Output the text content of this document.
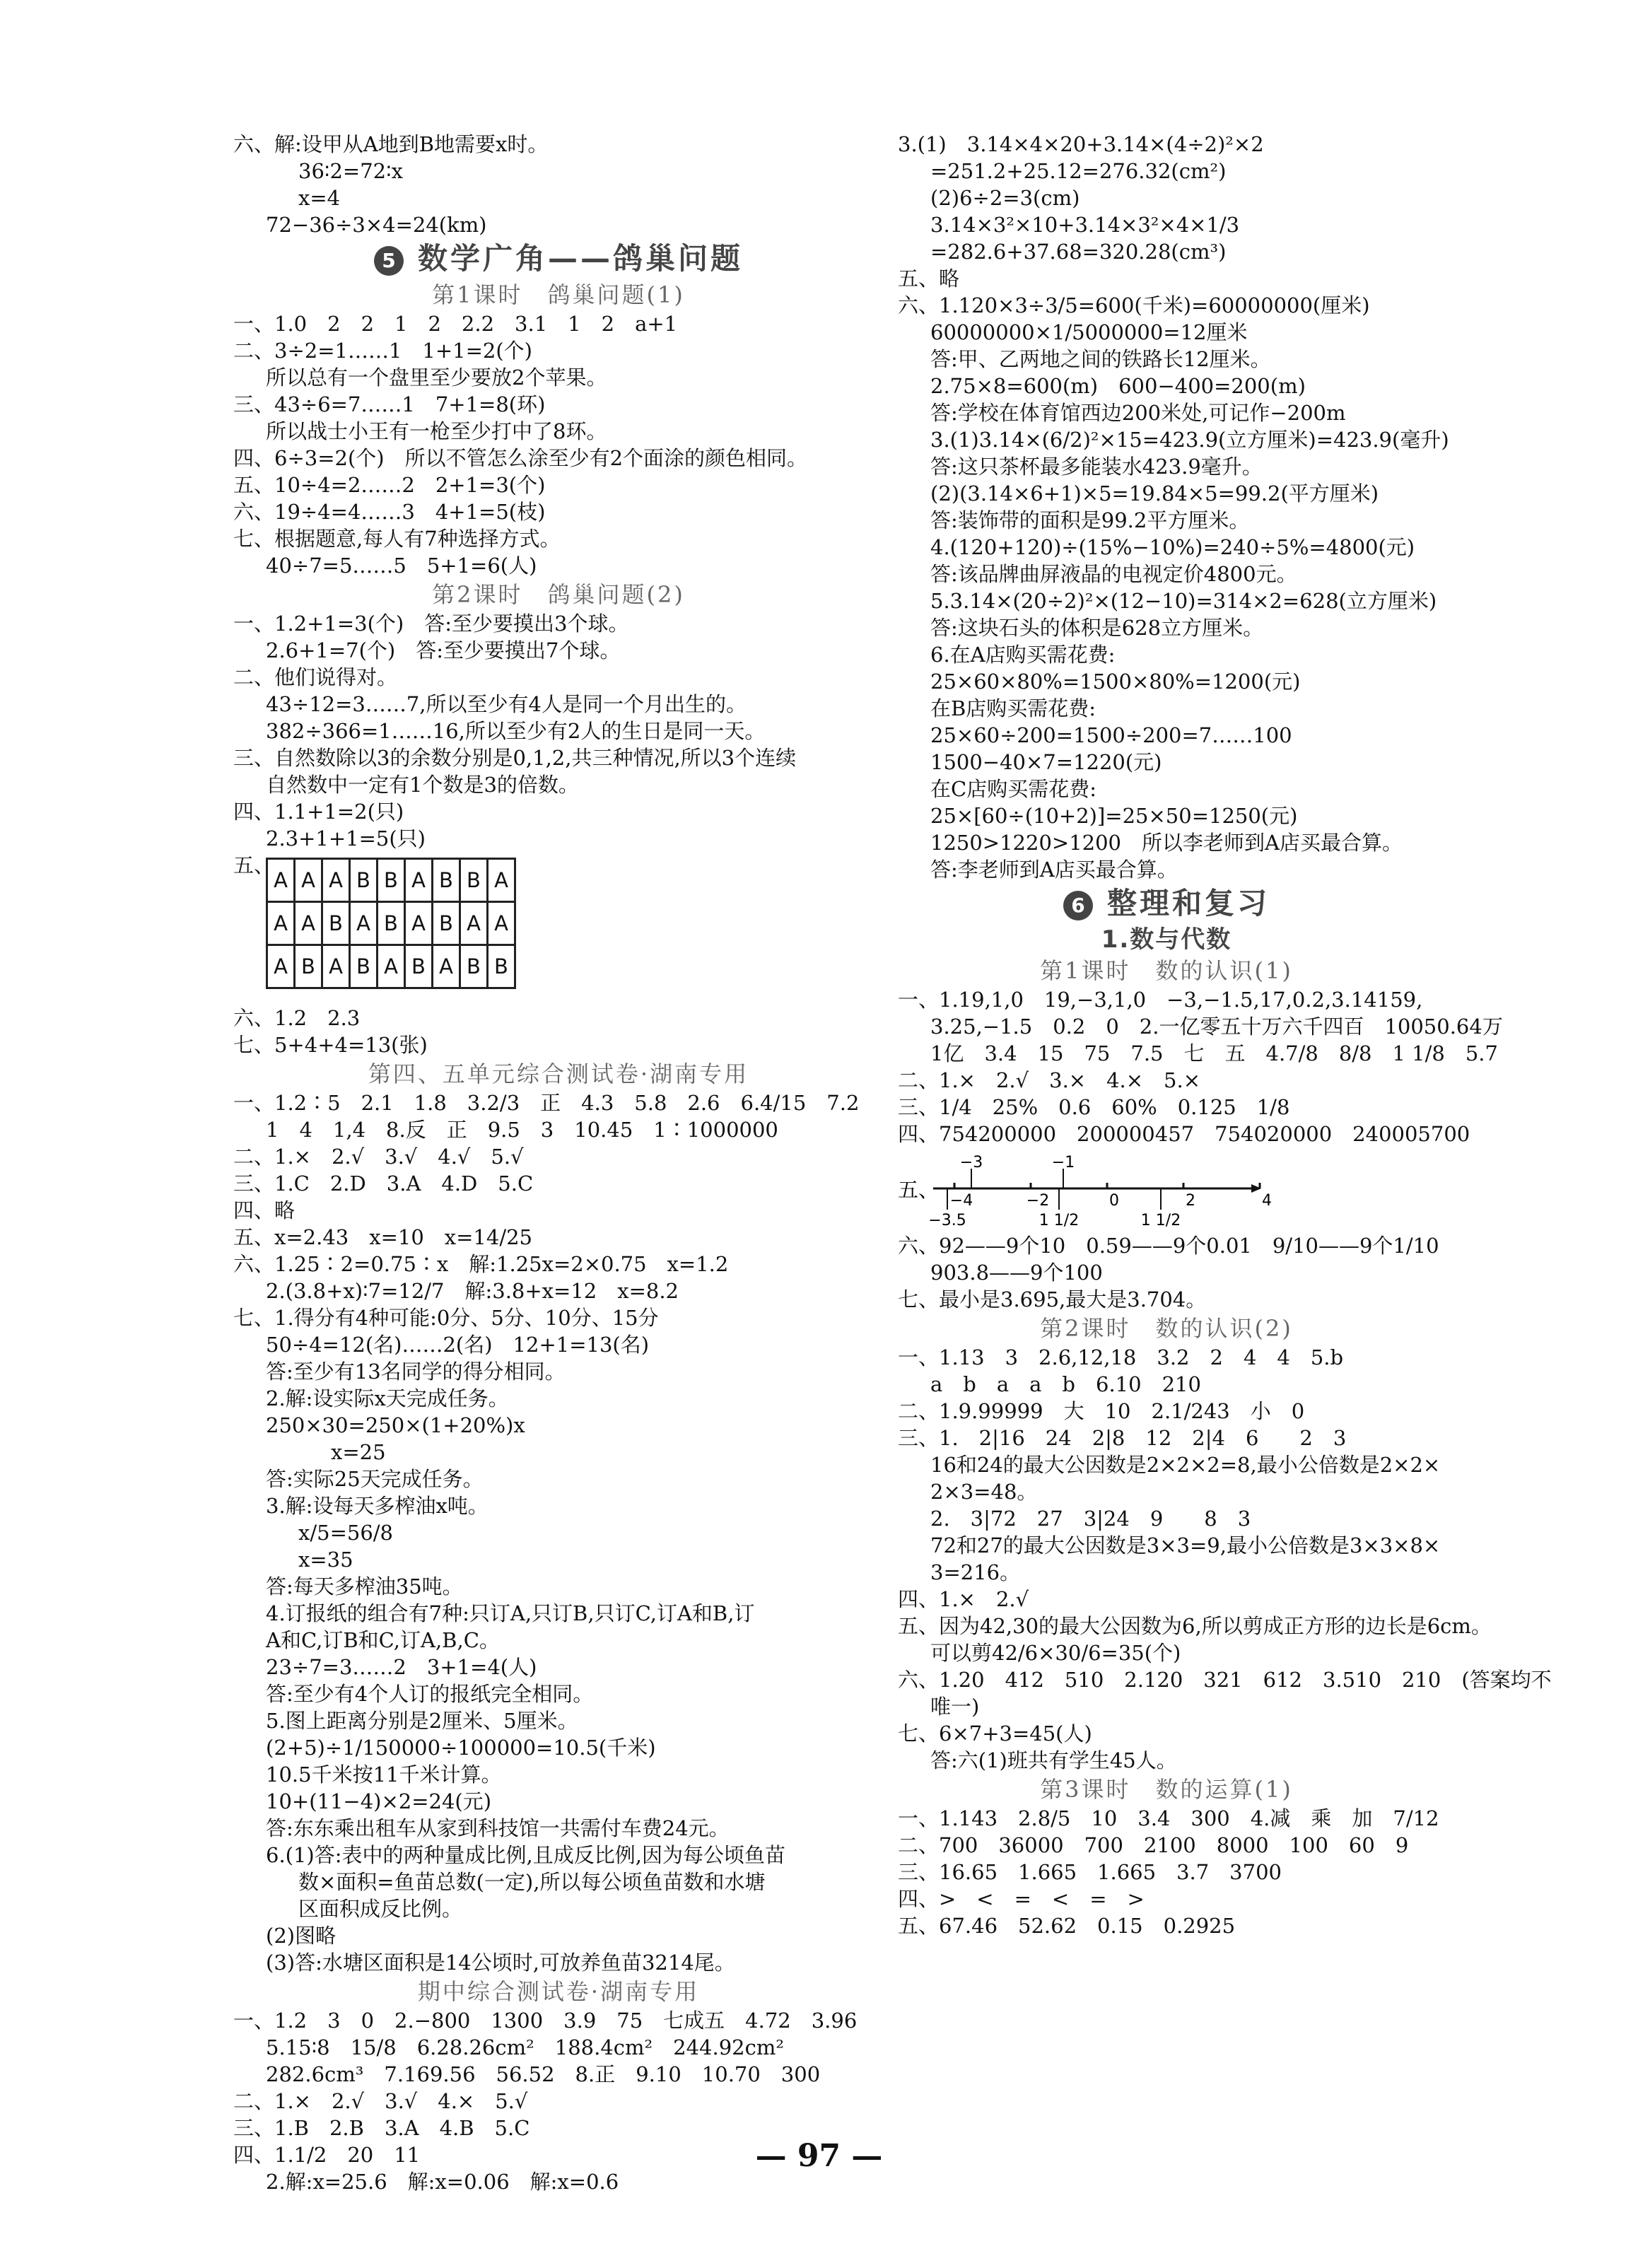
六、解:设甲从A地到B地需要x时。
36∶2=72∶x
x=4
72−36÷3×4=24(km)
5 数学广角——鸽巢问题
第1课时　鸽巢问题(1)
一、1.0　2　2　1　2　2.2　3.1　1　2　a+1
二、3÷2=1……1　1+1=2(个)
所以总有一个盘里至少要放2个苹果。
三、43÷6=7……1　7+1=8(环)
所以战士小王有一枪至少打中了8环。
四、6÷3=2(个)　所以不管怎么涂至少有2个面涂的颜色相同。
五、10÷4=2……2　2+1=3(个)
六、19÷4=4……3　4+1=5(枝)
七、根据题意,每人有7种选择方式。
40÷7=5……5　5+1=6(人)
第2课时　鸽巢问题(2)
一、1.2+1=3(个)　答:至少要摸出3个球。
2.6+1=7(个)　答:至少要摸出7个球。
二、他们说得对。
43÷12=3……7,所以至少有4人是同一个月出生的。
382÷366=1……16,所以至少有2人的生日是同一天。
三、自然数除以3的余数分别是0,1,2,共三种情况,所以3个连续
自然数中一定有1个数是3的倍数。
四、1.1+1=2(只)
2.3+1+1=5(只)
五、
A	A	A	B	B	A	B	B	A
A	A	B	A	B	A	B	A	A
A	B	A	B	A	B	A	B	B
六、1.2　2.3
七、5+4+4=13(张)
第四、五单元综合测试卷·湖南专用
一、1.2∶5　2.1　1.8　3.2/3　正　4.3　5.8　2.6　6.4/15　7.2
1　4　1,4　8.反　正　9.5　3　10.45　1∶1000000
二、1.×　2.√　3.√　4.√　5.√
三、1.C　2.D　3.A　4.D　5.C
四、略
五、x=2.43　x=10　x=14/25
六、1.25∶2=0.75∶x　解:1.25x=2×0.75　x=1.2
2.(3.8+x)∶7=12/7　解:3.8+x=12　x=8.2
七、1.得分有4种可能:0分、5分、10分、15分
50÷4=12(名)……2(名)　12+1=13(名)
答:至少有13名同学的得分相同。
2.解:设实际x天完成任务。
250×30=250×(1+20%)x
x=25
答:实际25天完成任务。
3.解:设每天多榨油x吨。
x/5=56/8
x=35
答:每天多榨油35吨。
4.订报纸的组合有7种:只订A,只订B,只订C,订A和B,订
A和C,订B和C,订A,B,C。
23÷7=3……2　3+1=4(人)
答:至少有4个人订的报纸完全相同。
5.图上距离分别是2厘米、5厘米。
(2+5)÷1/150000÷100000=10.5(千米)
10.5千米按11千米计算。
10+(11−4)×2=24(元)
答:东东乘出租车从家到科技馆一共需付车费24元。
6.(1)答:表中的两种量成比例,且成反比例,因为每公顷鱼苗
数×面积=鱼苗总数(一定),所以每公顷鱼苗数和水塘
区面积成反比例。
(2)图略
(3)答:水塘区面积是14公顷时,可放养鱼苗3214尾。
期中综合测试卷·湖南专用
一、1.2　3　0　2.−800　1300　3.9　75　七成五　4.72　3.96
5.15∶8　15/8　6.28.26cm²　188.4cm²　244.92cm²
282.6cm³　7.169.56　56.52　8.正　9.10　10.70　300
二、1.×　2.√　3.√　4.×　5.√
三、1.B　2.B　3.A　4.B　5.C
四、1.1/2　20　11
2.解:x=25.6　解:x=0.06　解:x=0.6
3.(1)　3.14×4×20+3.14×(4÷2)²×2
=251.2+25.12=276.32(cm²)
(2)6÷2=3(cm)
3.14×3²×10+3.14×3²×4×1/3
=282.6+37.68=320.28(cm³)
五、略
六、1.120×3÷3/5=600(千米)=60000000(厘米)
60000000×1/5000000=12厘米
答:甲、乙两地之间的铁路长12厘米。
2.75×8=600(m)　600−400=200(m)
答:学校在体育馆西边200米处,可记作−200m
3.(1)3.14×(6/2)²×15=423.9(立方厘米)=423.9(毫升)
答:这只茶杯最多能装水423.9毫升。
(2)(3.14×6+1)×5=19.84×5=99.2(平方厘米)
答:装饰带的面积是99.2平方厘米。
4.(120+120)÷(15%−10%)=240÷5%=4800(元)
答:该品牌曲屏液晶的电视定价4800元。
5.3.14×(20÷2)²×(12−10)=314×2=628(立方厘米)
答:这块石头的体积是628立方厘米。
6.在A店购买需花费:
25×60×80%=1500×80%=1200(元)
在B店购买需花费:
25×60÷200=1500÷200=7……100
1500−40×7=1220(元)
在C店购买需花费:
25×[60÷(10+2)]=25×50=1250(元)
1250>1220>1200　所以李老师到A店买最合算。
答:李老师到A店买最合算。
6 整理和复习
1.数与代数
第1课时　数的认识(1)
一、1.19,1,0　19,−3,1,0　−3,−1.5,17,0.2,3.14159,
3.25,−1.5　0.2　0　2.一亿零五十万六千四百　10050.64万
1亿　3.4　15　75　7.5　七　五　4.7/8　8/8　1 1/8　5.7
二、1.×　2.√　3.×　4.×　5.×
三、1/4　25%　0.6　60%　0.125　1/8
四、754200000　200000457　754020000　240005700
五、 −4	−2	0	2	4
−3	−1
−3.5	1 1/2	1 1/2
六、92——9个10　0.59——9个0.01　9/10——9个1/10
903.8——9个100
七、最小是3.695,最大是3.704。
第2课时　数的认识(2)
一、1.13　3　2.6,12,18　3.2　2　4　4　5.b
a　b　a　a　b　6.10　210
二、1.9.99999　大　10　2.1/243　小　0
三、1.　2|16　24　2|8　12　2|4　6　　2　3
16和24的最大公因数是2×2×2=8,最小公倍数是2×2×
2×3=48。
2.　3|72　27　3|24　9　　8　3
72和27的最大公因数是3×3=9,最小公倍数是3×3×8×
3=216。
四、1.×　2.√
五、因为42,30的最大公因数为6,所以剪成正方形的边长是6cm。
可以剪42/6×30/6=35(个)
六、1.20　412　510　2.120　321　612　3.510　210　(答案均不
唯一)
七、6×7+3=45(人)
答:六(1)班共有学生45人。
第3课时　数的运算(1)
一、1.143　2.8/5　10　3.4　300　4.减　乘　加　7/12
二、700　36000　700　2100　8000　100　60　9
三、16.65　1.665　1.665　3.7　3700
四、>　<　=　<　=　>
五、67.46　52.62　0.15　0.2925
— 97 —
